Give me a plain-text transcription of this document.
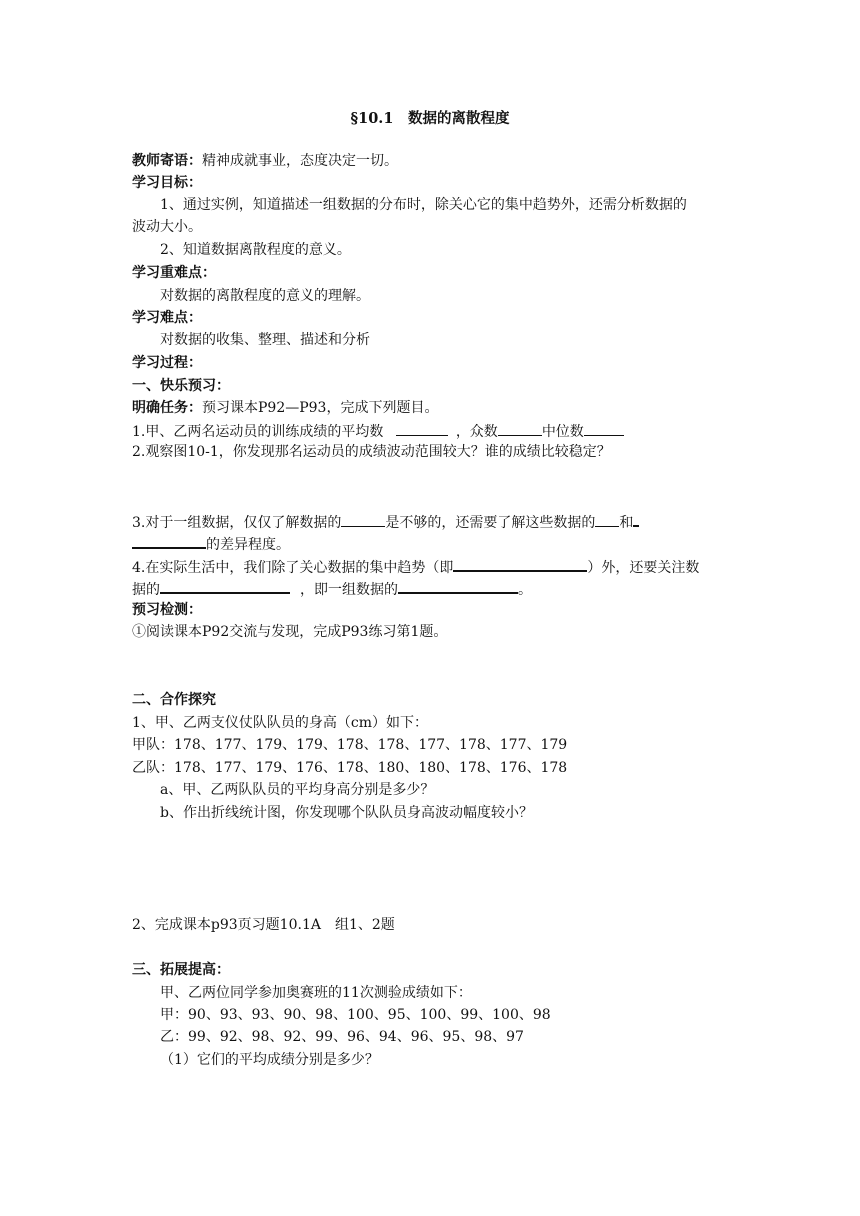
§10.1　数据的离散程度
教师寄语：精神成就事业，态度决定一切。
学习目标：
1、通过实例，知道描述一组数据的分布时，除关心它的集中趋势外，还需分析数据的
波动大小。
2、知道数据离散程度的意义。
学习重难点：
对数据的离散程度的意义的理解。
学习难点：
对数据的收集、整理、描述和分析
学习过程：
一、快乐预习：
明确任务：预习课本P92—P93，完成下列题目。
1.甲、乙两名运动员的训练成绩的平均数	，众数	中位数
2.观察图10-1，你发现那名运动员的成绩波动范围较大？谁的成绩比较稳定？
3.对于一组数据，仅仅了解数据的	是不够的，还需要了解这些数据的 和
的差异程度。
4.在实际生活中，我们除了关心数据的集中趋势（即	）外，还要关注数
据的	，即一组数据的	。
预习检测：
①阅读课本P92交流与发现，完成P93练习第1题。
二、合作探究
1、甲、乙两支仪仗队队员的身高（cm）如下：
甲队：178、177、179、179、178、178、177、178、177、179
乙队：178、177、179、176、178、180、180、178、176、178
a、甲、乙两队队员的平均身高分别是多少？
b、作出折线统计图，你发现哪个队队员身高波动幅度较小？
2、完成课本p93页习题10.1A　组1、2题
三、拓展提高：
甲、乙两位同学参加奥赛班的11次测验成绩如下：
甲：90、93、93、90、98、100、95、100、99、100、98
乙：99、92、98、92、99、96、94、96、95、98、97
（1）它们的平均成绩分别是多少？
